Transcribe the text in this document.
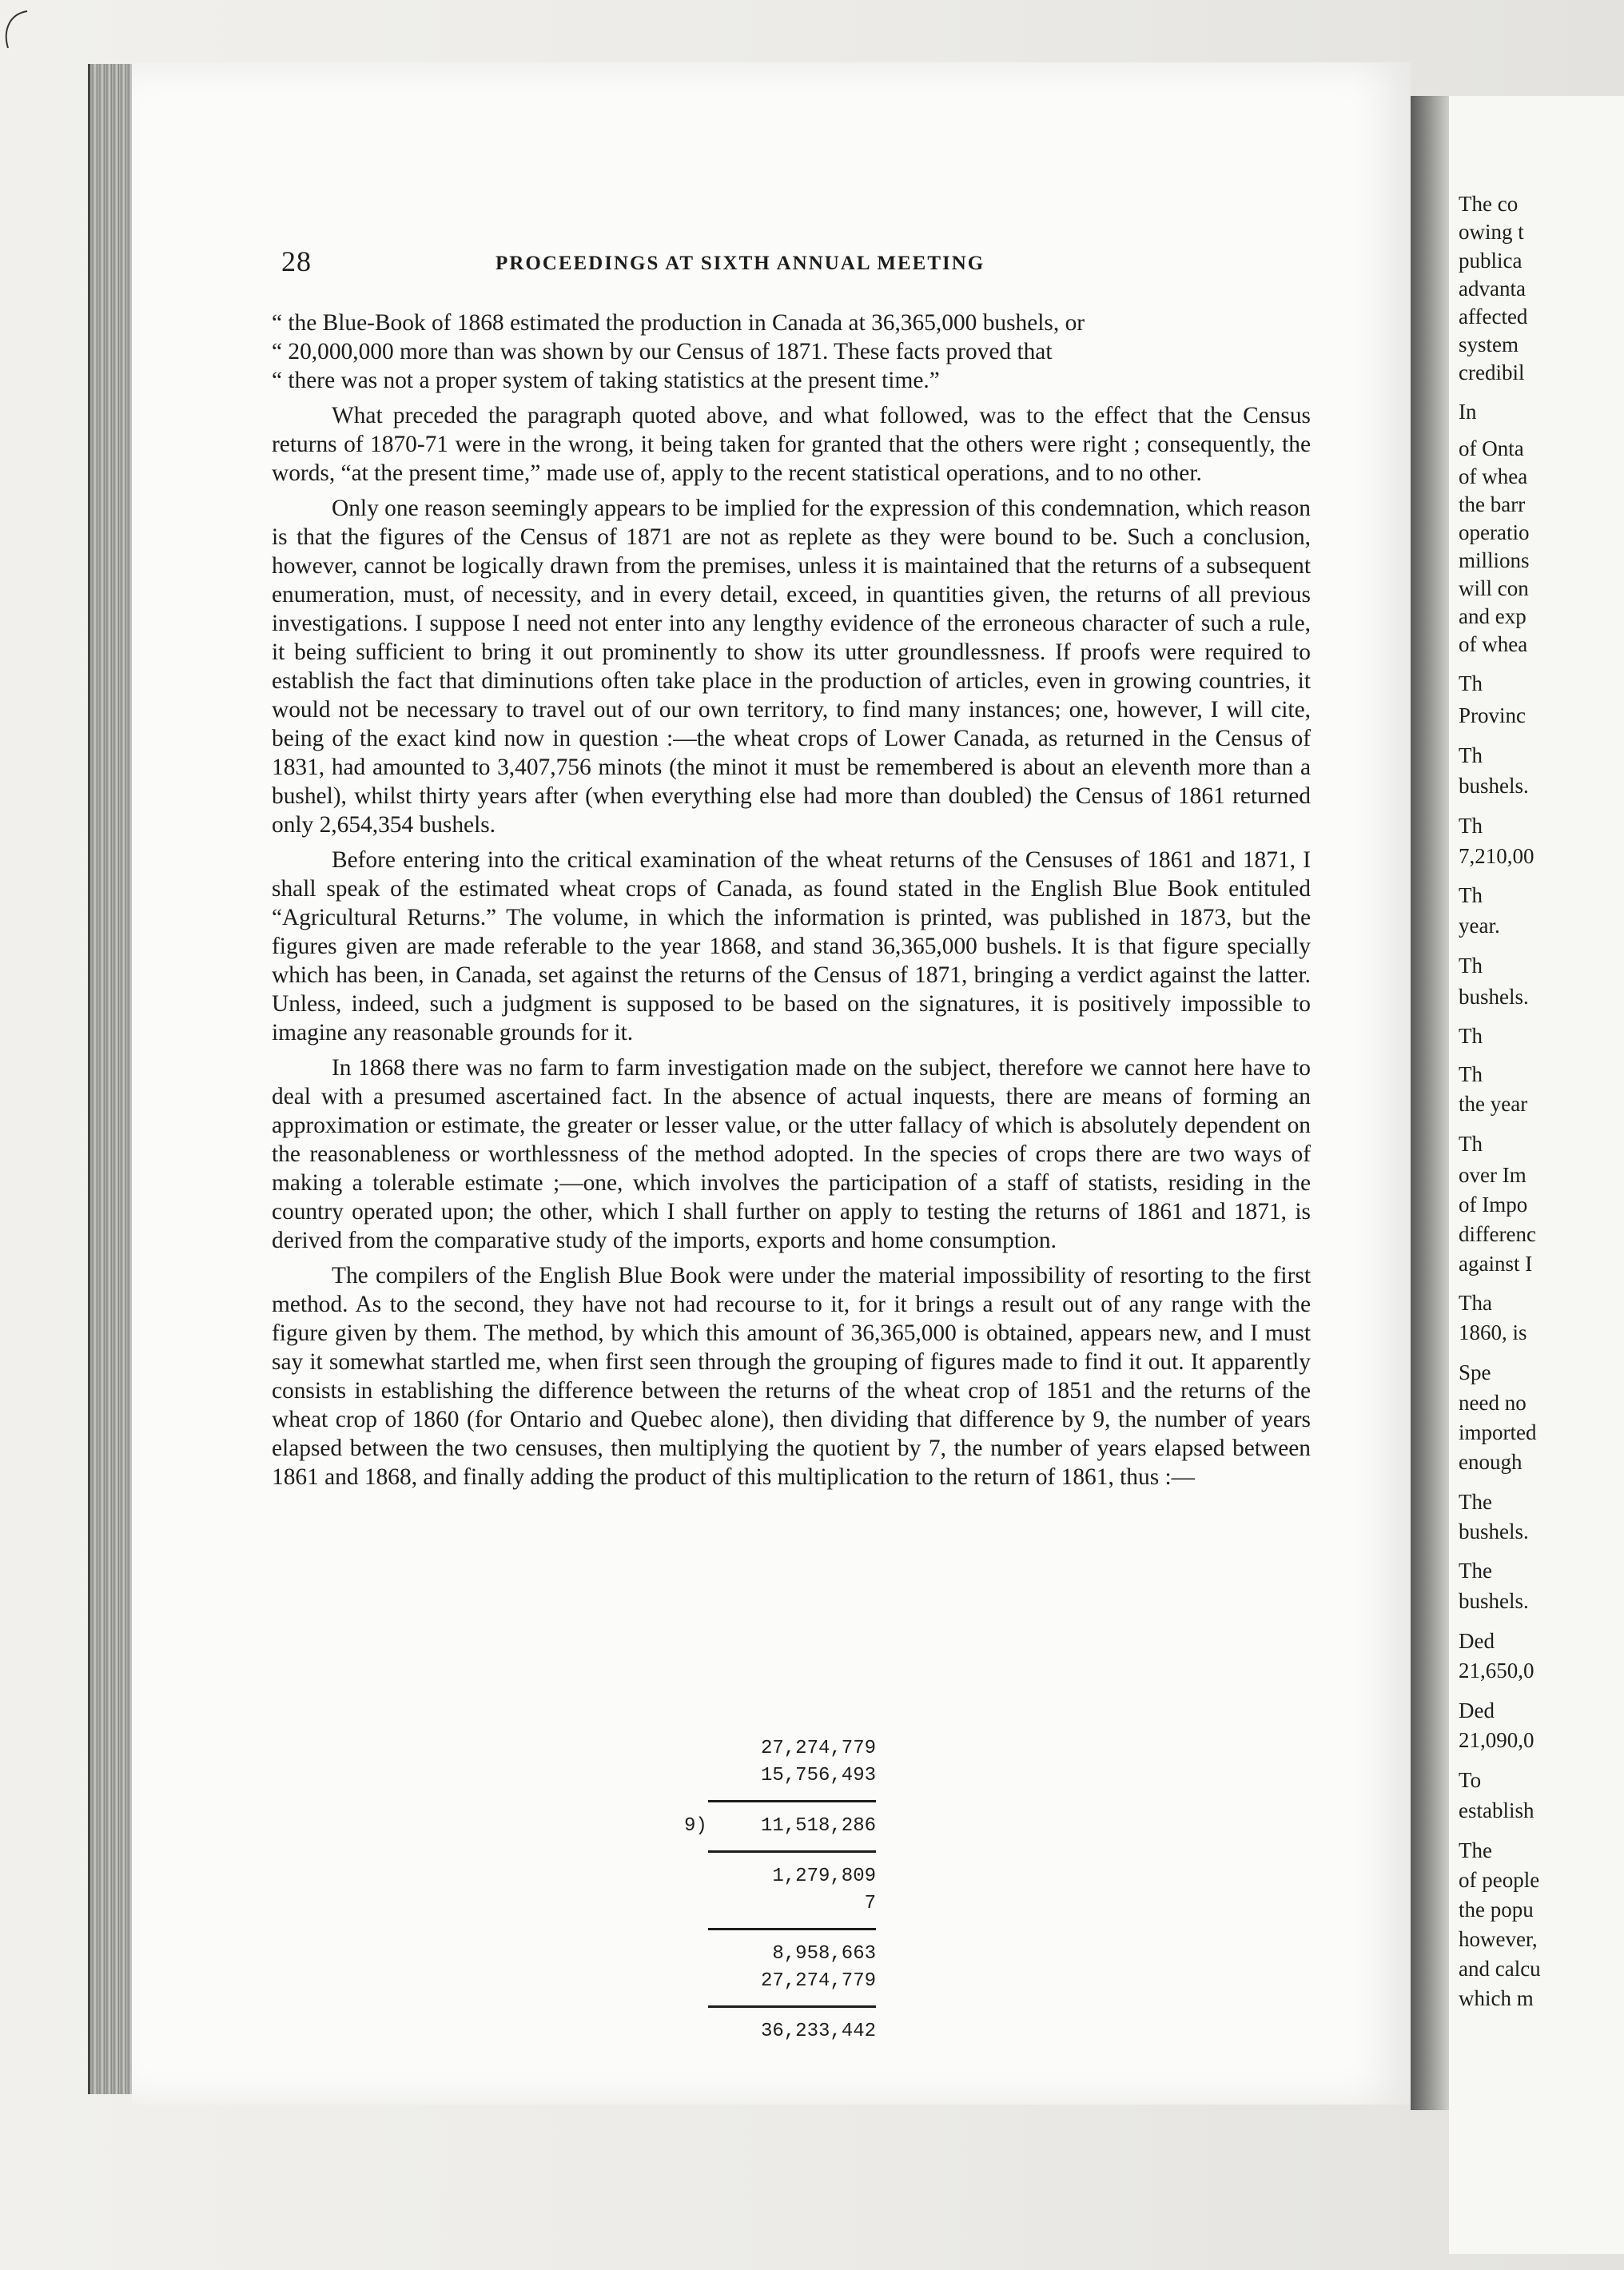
28	PROCEEDINGS AT SIXTH ANNUAL MEETING

“ the Blue-Book of 1868 estimated the production in Canada at 36,365,000 bushels, or
“ 20,000,000 more than was shown by our Census of 1871. These facts proved that
“ there was not a proper system of taking statistics at the present time.”

What preceded the paragraph quoted above, and what followed, was to the effect that the Census returns of 1870-71 were in the wrong, it being taken for granted that the others were right ; consequently, the words, “at the present time,” made use of, apply to the recent statistical operations, and to no other.

Only one reason seemingly appears to be implied for the expression of this condemnation, which reason is that the figures of the Census of 1871 are not as replete as they were bound to be. Such a conclusion, however, cannot be logically drawn from the premises, unless it is maintained that the returns of a subsequent enumeration, must, of necessity, and in every detail, exceed, in quantities given, the returns of all previous investigations. I suppose I need not enter into any lengthy evidence of the erroneous character of such a rule, it being sufficient to bring it out prominently to show its utter groundlessness. If proofs were required to establish the fact that diminutions often take place in the production of articles, even in growing countries, it would not be necessary to travel out of our own territory, to find many instances; one, however, I will cite, being of the exact kind now in question :—the wheat crops of Lower Canada, as returned in the Census of 1831, had amounted to 3,407,756 minots (the minot it must be remembered is about an eleventh more than a bushel), whilst thirty years after (when everything else had more than doubled) the Census of 1861 returned only 2,654,354 bushels.

Before entering into the critical examination of the wheat returns of the Censuses of 1861 and 1871, I shall speak of the estimated wheat crops of Canada, as found stated in the English Blue Book entituled “Agricultural Returns.” The volume, in which the information is printed, was published in 1873, but the figures given are made referable to the year 1868, and stand 36,365,000 bushels. It is that figure specially which has been, in Canada, set against the returns of the Census of 1871, bringing a verdict against the latter. Unless, indeed, such a judgment is supposed to be based on the signatures, it is positively impossible to imagine any reasonable grounds for it.

In 1868 there was no farm to farm investigation made on the subject, therefore we cannot here have to deal with a presumed ascertained fact. In the absence of actual inquests, there are means of forming an approximation or estimate, the greater or lesser value, or the utter fallacy of which is absolutely dependent on the reasonableness or worthlessness of the method adopted. In the species of crops there are two ways of making a tolerable estimate ;—one, which involves the participation of a staff of statists, residing in the country operated upon; the other, which I shall further on apply to testing the returns of 1861 and 1871, is derived from the comparative study of the imports, exports and home consumption.

The compilers of the English Blue Book were under the material impossibility of resorting to the first method. As to the second, they have not had recourse to it, for it brings a result out of any range with the figure given by them. The method, by which this amount of 36,365,000 is obtained, appears new, and I must say it somewhat startled me, when first seen through the grouping of figures made to find it out. It apparently consists in establishing the difference between the returns of the wheat crop of 1851 and the returns of the wheat crop of 1860 (for Ontario and Quebec alone), then dividing that difference by 9, the number of years elapsed between the two censuses, then multiplying the quotient by 7, the number of years elapsed between 1861 and 1868, and finally adding the product of this multiplication to the return of 1861, thus :—

27,274,779
15,756,493
9)	11,518,286
1,279,809
7
8,958,663
27,274,779
36,233,442
The co
owing t
publica
advanta
affected
system
credibil
In
of Onta
of whea
the barr
operatio
millions
will con
and exp
of whea
Th
Provinc
Th
bushels.
Th
7,210,00
Th
year.
Th
bushels.
Th
Th
the year
Th
over Im
of Impo
differenc
against I
Tha
1860, is
Spe
need no
imported
enough
The
bushels.
The
bushels.
Ded
21,650,0
Ded
21,090,0
To
establish
The
of people
the popu
however,
and calcu
which m
